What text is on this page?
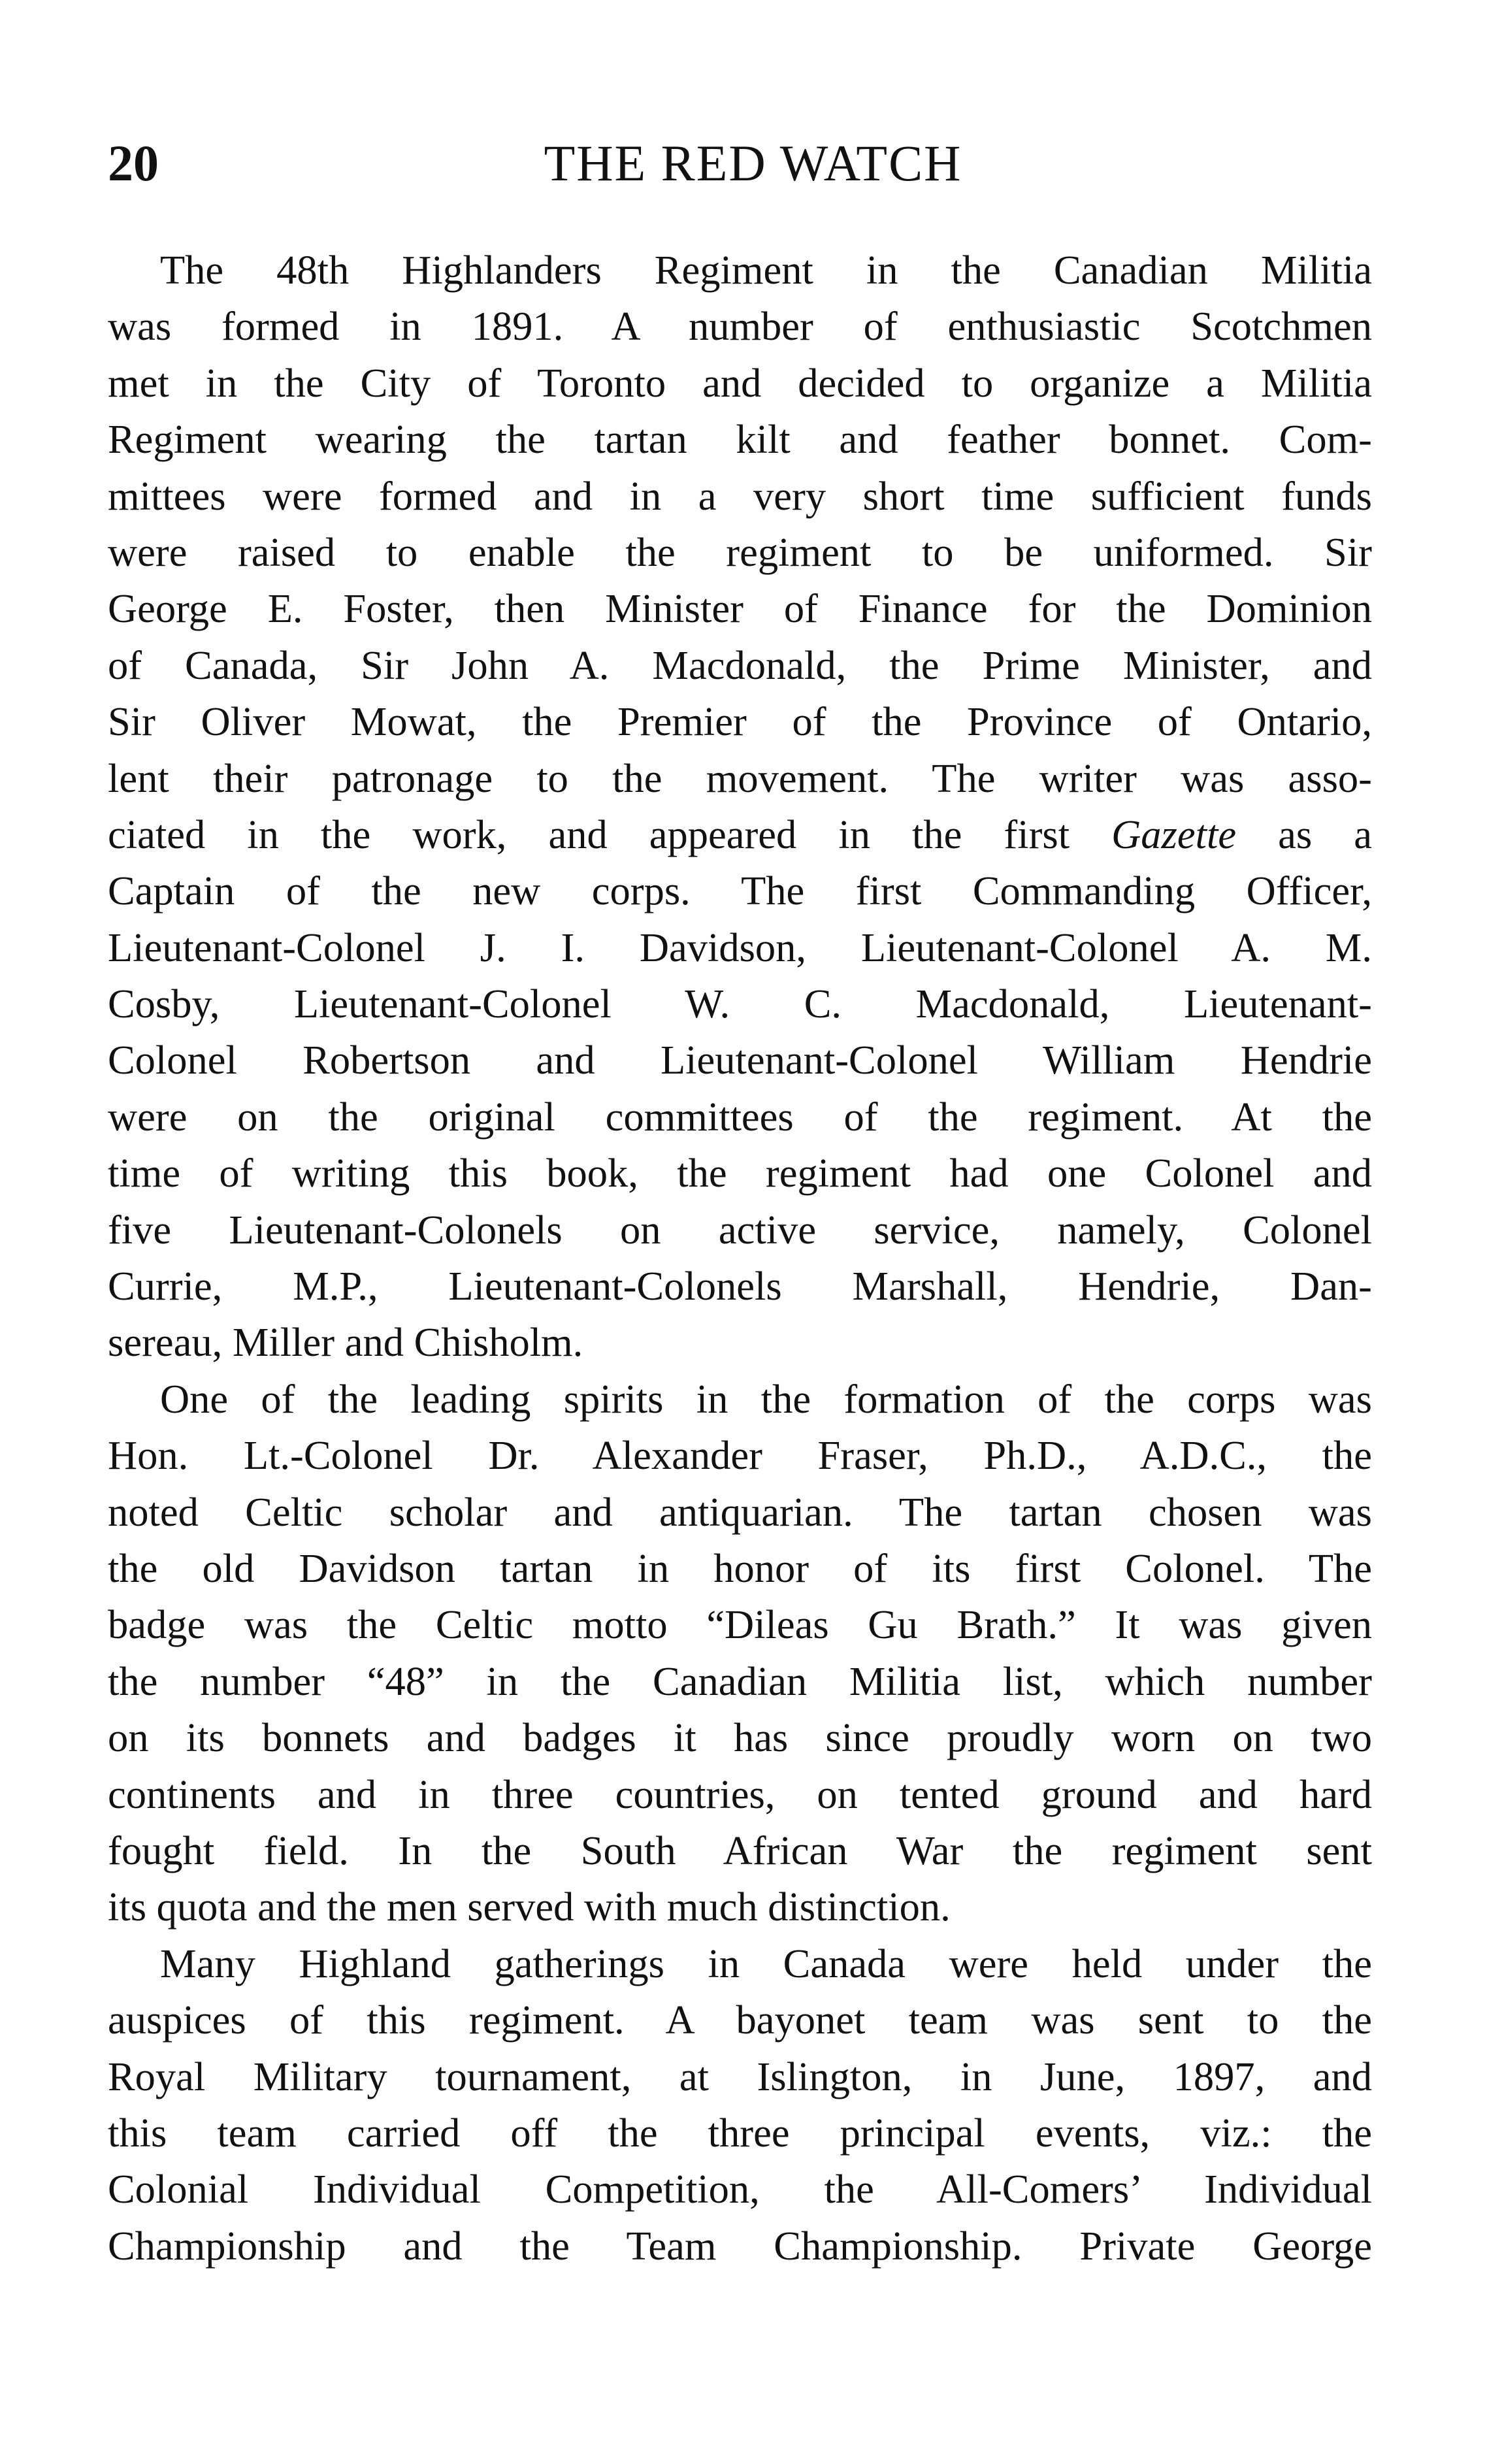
20	THE RED WATCH
The 48th Highlanders Regiment in the Canadian Militia
was formed in 1891. A number of enthusiastic Scotchmen
met in the City of Toronto and decided to organize a Militia
Regiment wearing the tartan kilt and feather bonnet. Com-
mittees were formed and in a very short time sufficient funds
were raised to enable the regiment to be uniformed. Sir
George E. Foster, then Minister of Finance for the Dominion
of Canada, Sir John A. Macdonald, the Prime Minister, and
Sir Oliver Mowat, the Premier of the Province of Ontario,
lent their patronage to the movement. The writer was asso-
ciated in the work, and appeared in the first Gazette as a
Captain of the new corps. The first Commanding Officer,
Lieutenant-Colonel J. I. Davidson, Lieutenant-Colonel A. M.
Cosby, Lieutenant-Colonel W. C. Macdonald, Lieutenant-
Colonel Robertson and Lieutenant-Colonel William Hendrie
were on the original committees of the regiment. At the
time of writing this book, the regiment had one Colonel and
five Lieutenant-Colonels on active service, namely, Colonel
Currie, M.P., Lieutenant-Colonels Marshall, Hendrie, Dan-
sereau, Miller and Chisholm.
One of the leading spirits in the formation of the corps was
Hon. Lt.-Colonel Dr. Alexander Fraser, Ph.D., A.D.C., the
noted Celtic scholar and antiquarian. The tartan chosen was
the old Davidson tartan in honor of its first Colonel. The
badge was the Celtic motto “Dileas Gu Brath.” It was given
the number “48” in the Canadian Militia list, which number
on its bonnets and badges it has since proudly worn on two
continents and in three countries, on tented ground and hard
fought field. In the South African War the regiment sent
its quota and the men served with much distinction.
Many Highland gatherings in Canada were held under the
auspices of this regiment. A bayonet team was sent to the
Royal Military tournament, at Islington, in June, 1897, and
this team carried off the three principal events, viz.: the
Colonial Individual Competition, the All-Comers’ Individual
Championship and the Team Championship. Private George
